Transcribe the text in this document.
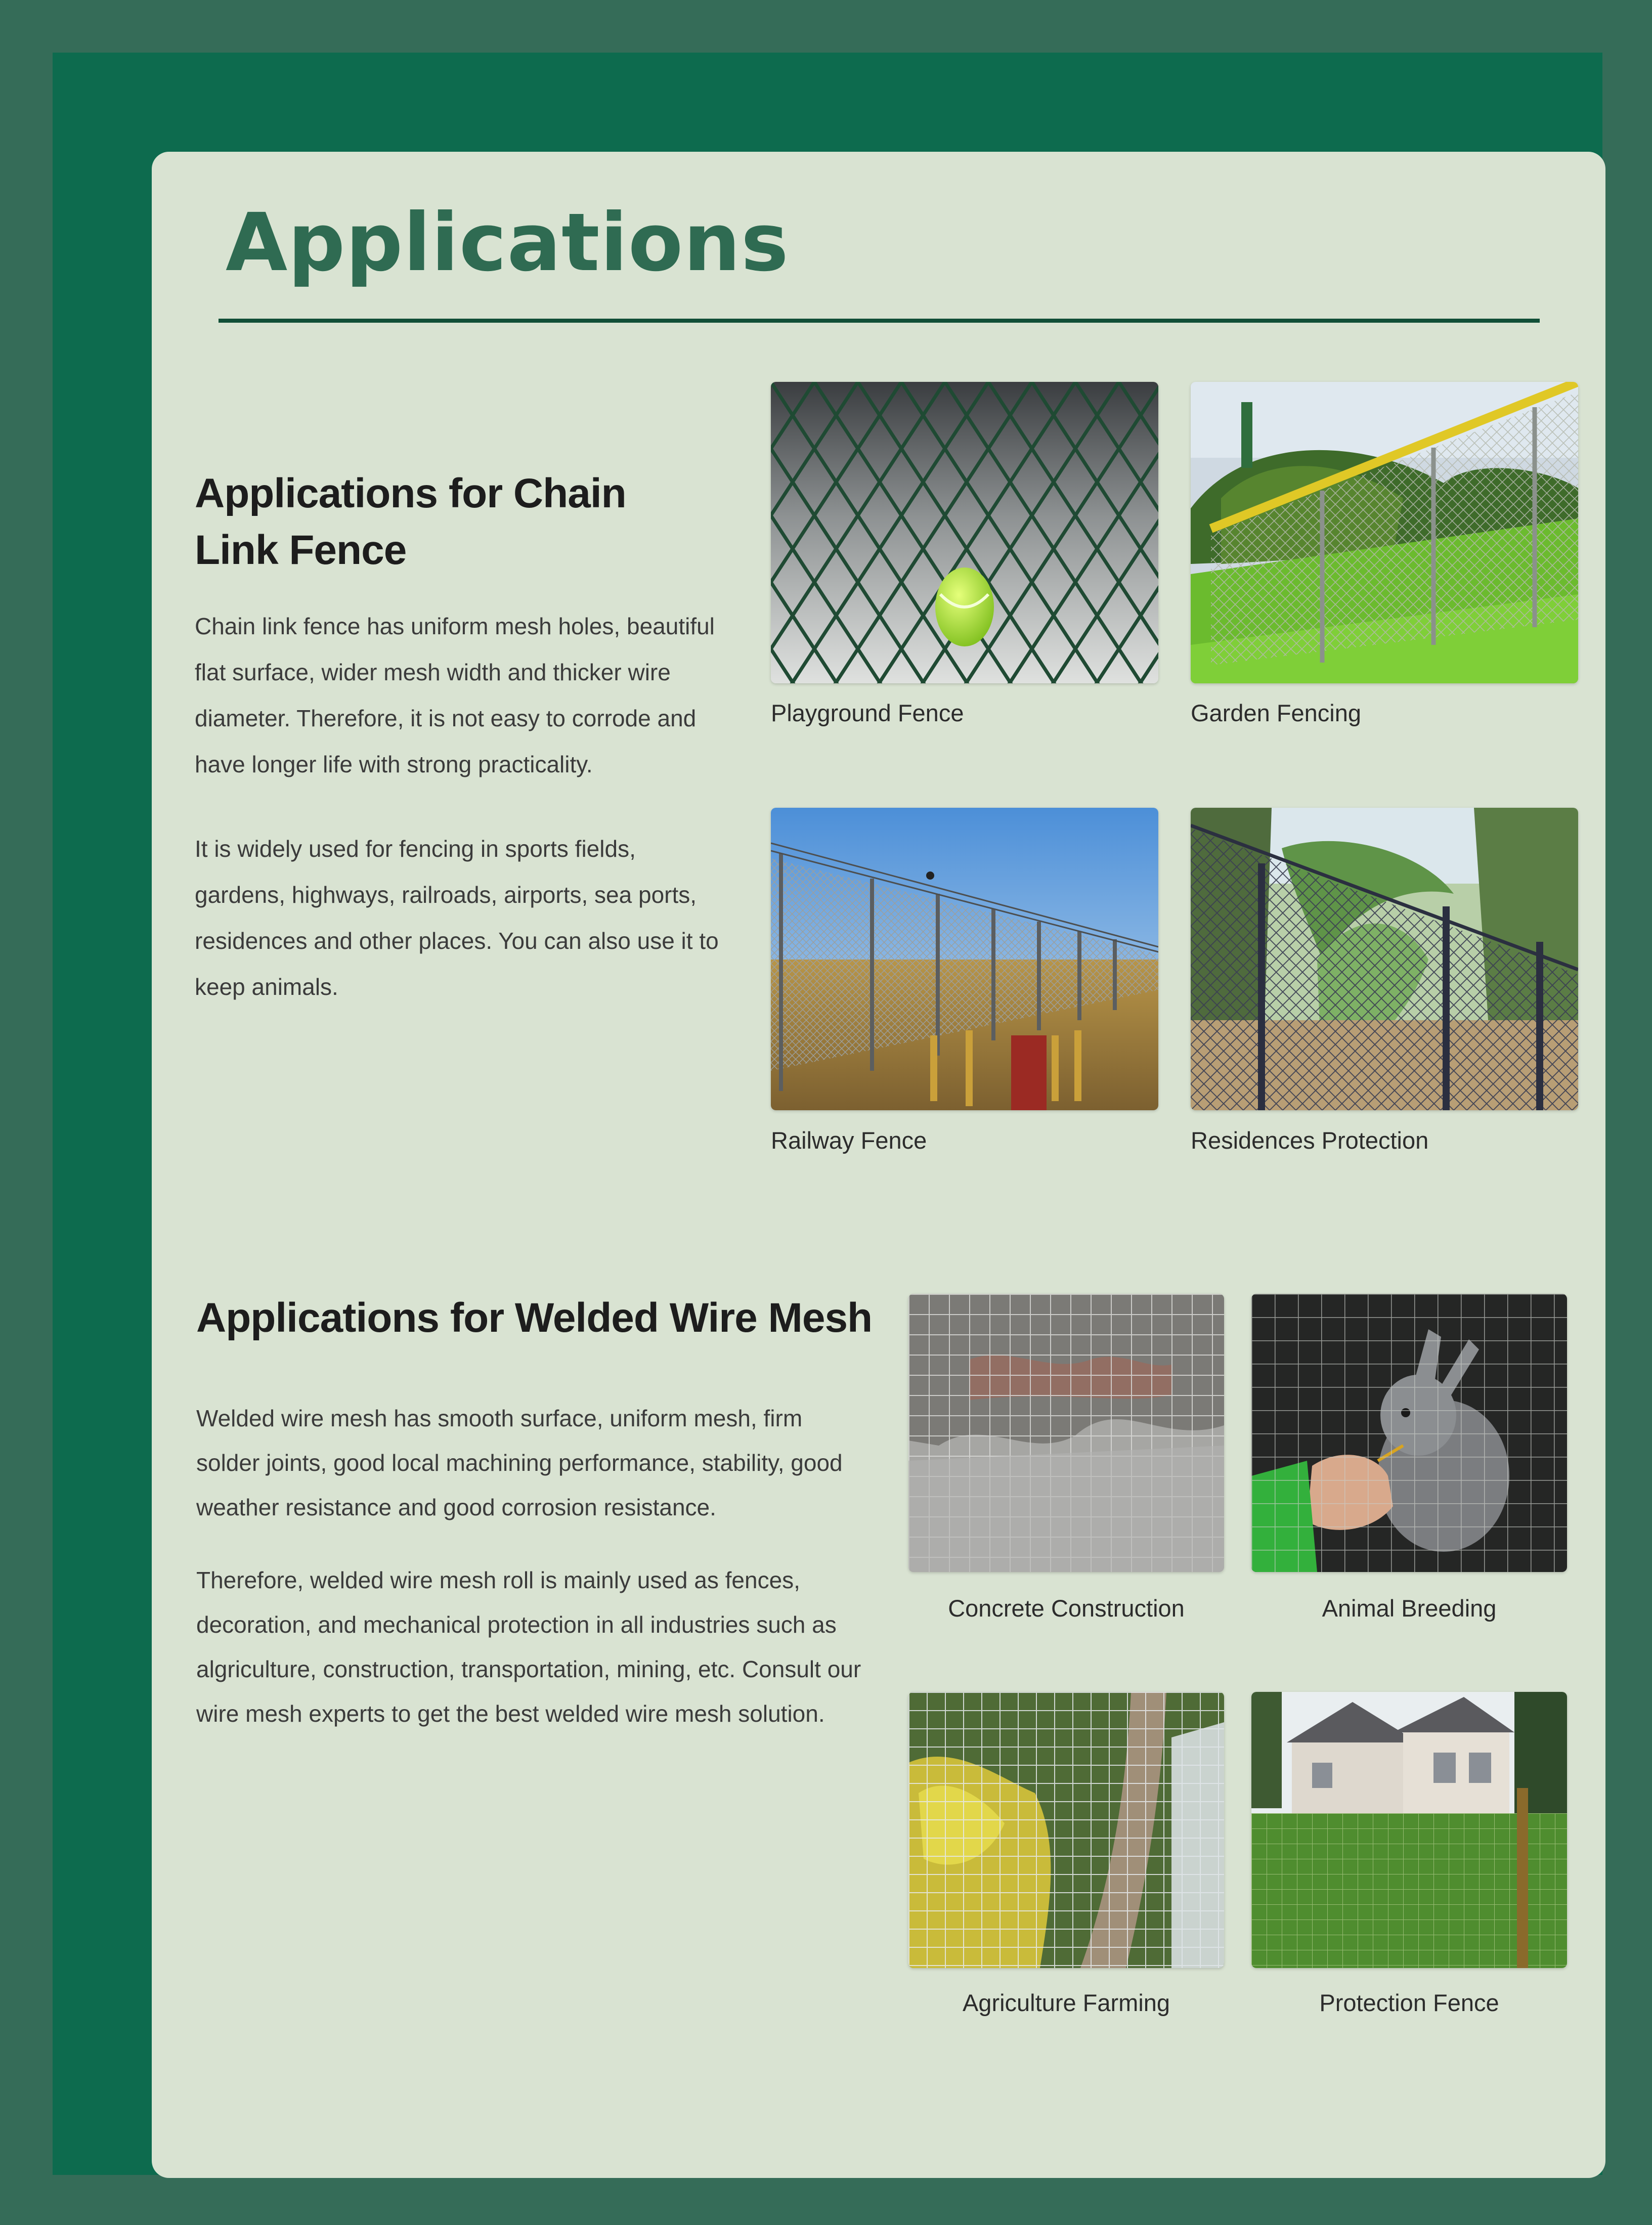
Applications
Applications for Chain Link Fence

Chain link fence has uniform mesh holes, beautiful flat surface, wider mesh width and thicker wire diameter. Therefore, it is not easy to corrode and have longer life with strong practicality.

It is widely used for fencing in sports fields, gardens, highways, railroads, airports, sea ports, residences and other places. You can also use it to keep animals.

Playground Fence	Garden Fencing

Railway Fence	Residences Protection

Applications for Welded Wire Mesh

Welded wire mesh has smooth surface, uniform mesh, firm solder joints, good local machining performance, stability, good weather resistance and good corrosion resistance.

Therefore, welded wire mesh roll is mainly used as fences, decoration, and mechanical protection in all industries such as algriculture, construction, transportation, mining, etc. Consult our wire mesh experts to get the best welded wire mesh solution.

Concrete Construction	Animal Breeding

Agriculture Farming	Protection Fence
